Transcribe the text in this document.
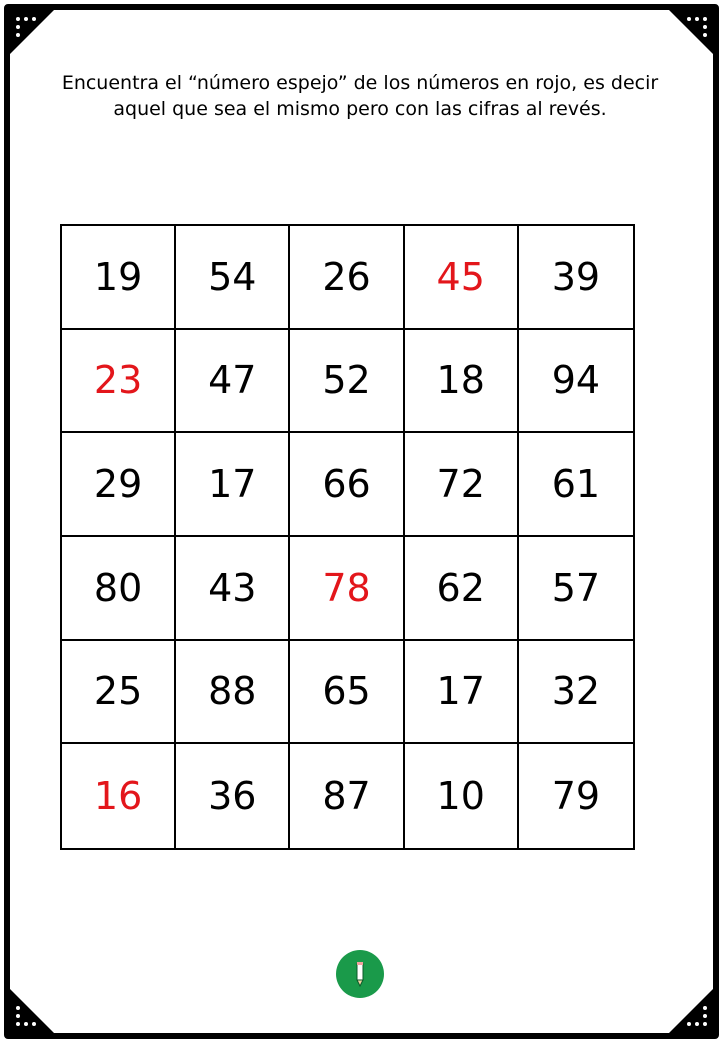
Encuentra el “número espejo” de los números en rojo, es decir aquel que sea el mismo pero con las cifras al revés.
19	54	26	45	39
23	47	52	18	94
29	17	66	72	61
80	43	78	62	57
25	88	65	17	32
16	36	87	10	79
